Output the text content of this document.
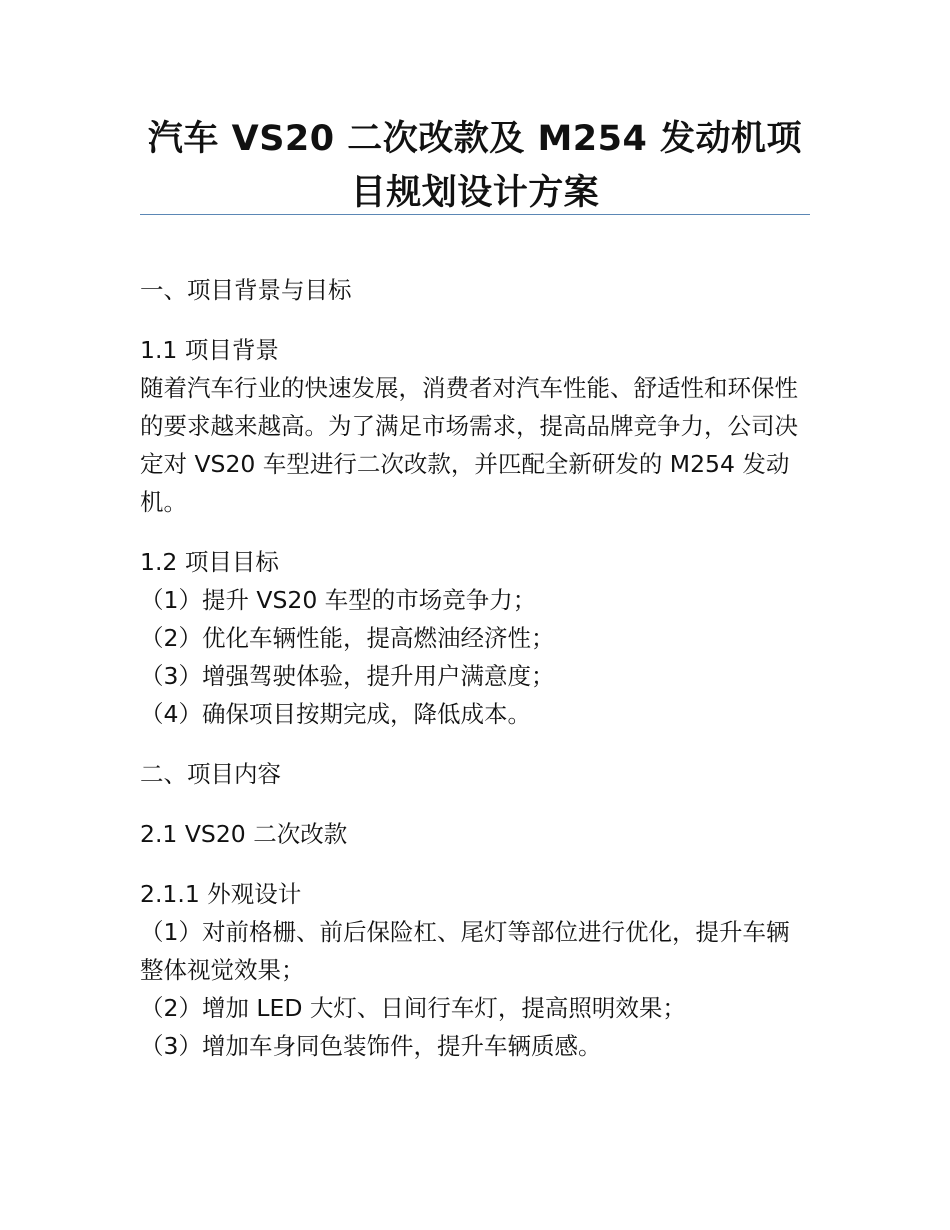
汽车 VS20 二次改款及 M254 发动机项
目规划设计方案

一、项目背景与目标

1.1 项目背景

随着汽车行业的快速发展，消费者对汽车性能、舒适性和环保性的要求越来越高。为了满足市场需求，提高品牌竞争力，公司决定对 VS20 车型进行二次改款，并匹配全新研发的 M254 发动机。

1.2 项目目标

（1）提升 VS20 车型的市场竞争力；

（2）优化车辆性能，提高燃油经济性；

（3）增强驾驶体验，提升用户满意度；

（4）确保项目按期完成，降低成本。

二、项目内容

2.1 VS20 二次改款

2.1.1 外观设计

（1）对前格栅、前后保险杠、尾灯等部位进行优化，提升车辆整体视觉效果；

（2）增加 LED 大灯、日间行车灯，提高照明效果；

（3）增加车身同色装饰件，提升车辆质感。
